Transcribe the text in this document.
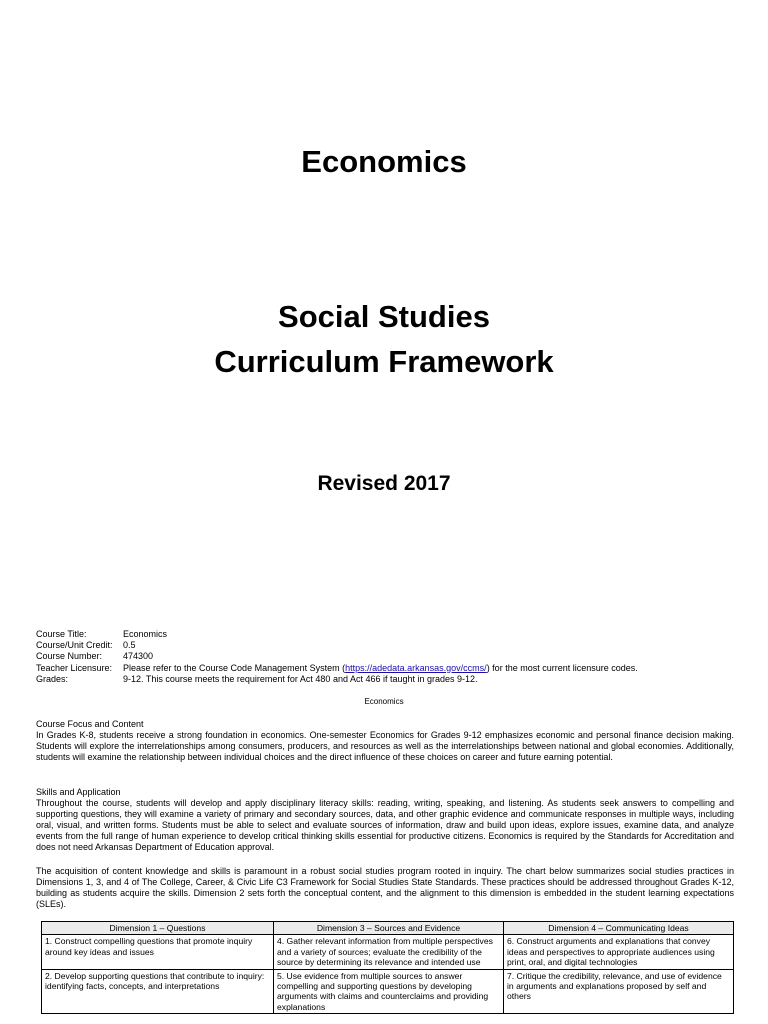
Economics
Social Studies
Curriculum Framework
Revised 2017
Course Title:	Economics
Course/Unit Credit:	0.5
Course Number:	474300
Teacher Licensure:	Please refer to the Course Code Management System (https://adedata.arkansas.gov/ccms/) for the most current licensure codes.
Grades:	9-12. This course meets the requirement for Act 480 and Act 466 if taught in grades 9-12.
Economics
Course Focus and Content
In Grades K-8, students receive a strong foundation in economics. One-semester Economics for Grades 9-12 emphasizes economic and personal finance decision making. Students will explore the interrelationships among consumers, producers, and resources as well as the interrelationships between national and global economies. Additionally, students will examine the relationship between individual choices and the direct influence of these choices on career and future earning potential.
Skills and Application
Throughout the course, students will develop and apply disciplinary literacy skills: reading, writing, speaking, and listening. As students seek answers to compelling and supporting questions, they will examine a variety of primary and secondary sources, data, and other graphic evidence and communicate responses in multiple ways, including oral, visual, and written forms. Students must be able to select and evaluate sources of information, draw and build upon ideas, explore issues, examine data, and analyze events from the full range of human experience to develop critical thinking skills essential for productive citizens. Economics is required by the Standards for Accreditation and does not need Arkansas Department of Education approval.
The acquisition of content knowledge and skills is paramount in a robust social studies program rooted in inquiry. The chart below summarizes social studies practices in Dimensions 1, 3, and 4 of The College, Career, & Civic Life C3 Framework for Social Studies State Standards. These practices should be addressed throughout Grades K-12, building as students acquire the skills. Dimension 2 sets forth the conceptual content, and the alignment to this dimension is embedded in the student learning expectations (SLEs).
Dimension 1 – Questions	Dimension 3 – Sources and Evidence	Dimension 4 – Communicating Ideas
1. Construct compelling questions that promote inquiry around key ideas and issues	4. Gather relevant information from multiple perspectives and a variety of sources; evaluate the credibility of the source by determining its relevance and intended use	6. Construct arguments and explanations that convey ideas and perspectives to appropriate audiences using print, oral, and digital technologies
2. Develop supporting questions that contribute to inquiry: identifying facts, concepts, and interpretations	5. Use evidence from multiple sources to answer compelling and supporting questions by developing arguments with claims and counterclaims and providing explanations	7. Critique the credibility, relevance, and use of evidence in arguments and explanations proposed by self and others
